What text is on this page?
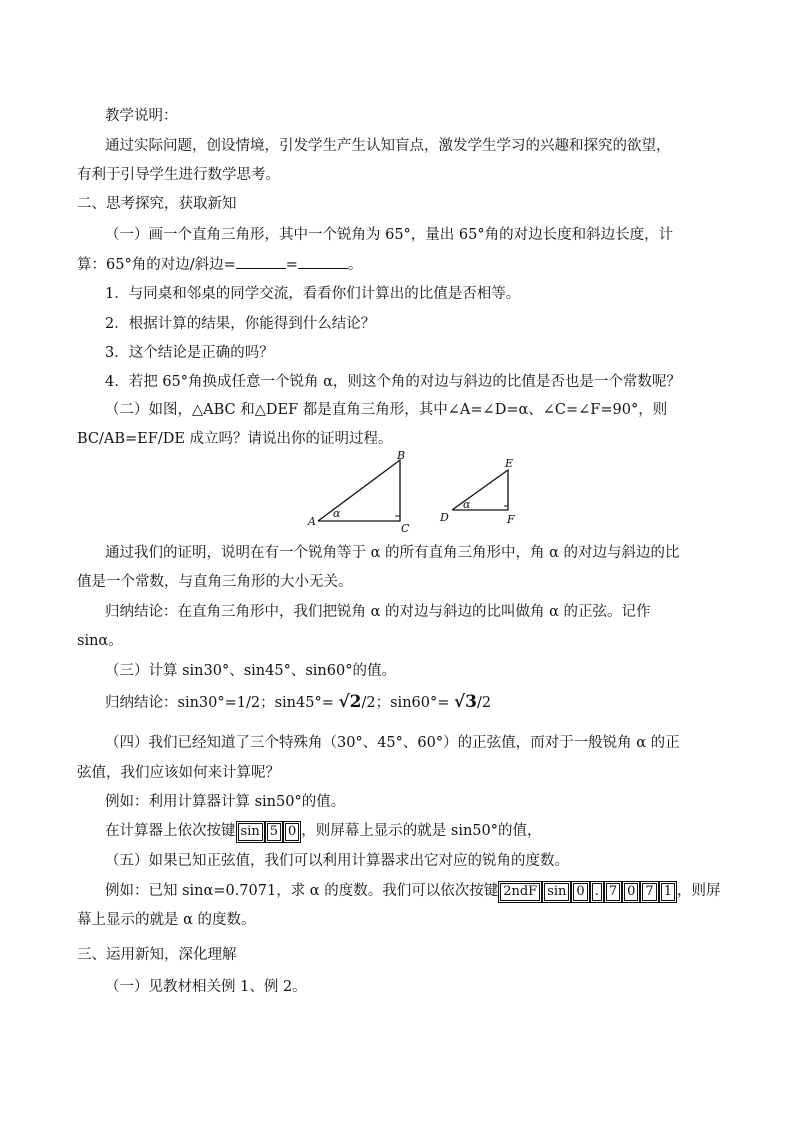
教学说明：
通过实际问题，创设情境，引发学生产生认知盲点，激发学生学习的兴趣和探究的欲望，
有利于引导学生进行数学思考。
二、思考探究，获取新知
（一）画一个直角三角形，其中一个锐角为 65°，量出 65°角的对边长度和斜边长度，计
算：65°角的对边/斜边=	=	。
1．与同桌和邻桌的同学交流，看看你们计算出的比值是否相等。
2．根据计算的结果，你能得到什么结论？
3．这个结论是正确的吗？
4．若把 65°角换成任意一个锐角 α，则这个角的对边与斜边的比值是否也是一个常数呢？
（二）如图，△ABC 和△DEF 都是直角三角形，其中∠A=∠D=α、∠C=∠F=90°，则
BC/AB=EF/DE 成立吗？请说出你的证明过程。
A
B
C
α	D
E
F
α
通过我们的证明，说明在有一个锐角等于 α 的所有直角三角形中，角 α 的对边与斜边的比
值是一个常数，与直角三角形的大小无关。
归纳结论：在直角三角形中，我们把锐角 α 的对边与斜边的比叫做角 α 的正弦。记作
sinα。
（三）计算 sin30°、sin45°、sin60°的值。
归纳结论：sin30°=1/2；sin45°= √2/2；sin60°= √3/2
（四）我们已经知道了三个特殊角（30°、45°、60°）的正弦值，而对于一般锐角 α 的正
弦值，我们应该如何来计算呢？
例如：利用计算器计算 sin50°的值。
在计算器上依次按键 sin 5 0 ，则屏幕上显示的就是 sin50°的值，
（五）如果已知正弦值，我们可以利用计算器求出它对应的锐角的度数。
例如：已知 sinα=0.7071，求 α 的度数。我们可以依次按键 2ndF sin 0 . 7 0 7 1 ，则屏
幕上显示的就是 α 的度数。
三、运用新知，深化理解
（一）见教材相关例 1、例 2。
